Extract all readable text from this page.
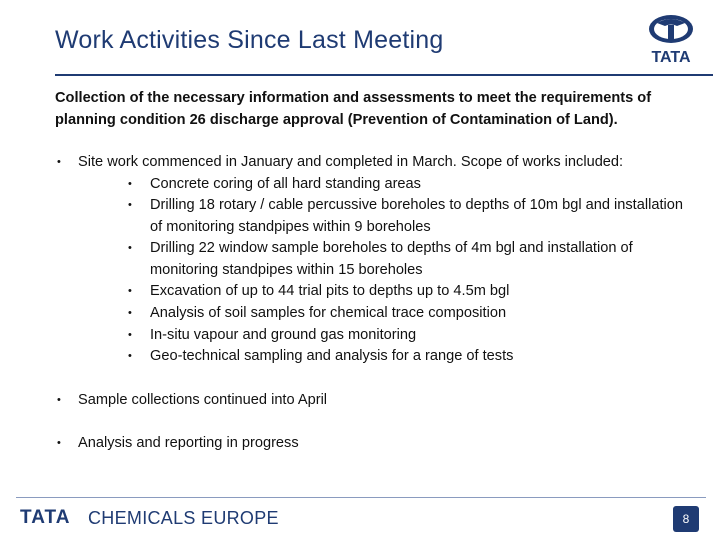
Work Activities Since Last Meeting
TATA
Collection of the necessary information and assessments to meet the requirements of planning condition 26 discharge approval (Prevention of Contamination of Land).
• Site work commenced in January and completed in March. Scope of works included:
• Concrete coring of all hard standing areas
• Drilling 18 rotary / cable percussive boreholes to depths of 10m bgl and installation of monitoring standpipes within 9 boreholes
• Drilling 22 window sample boreholes to depths of 4m bgl and installation of monitoring standpipes within 15 boreholes
• Excavation of up to 44 trial pits to depths up to 4.5m bgl
• Analysis of soil samples for chemical trace composition
• In-situ vapour and ground gas monitoring
• Geo-technical sampling and analysis for a range of tests
• Sample collections continued into April
• Analysis and reporting in progress
TATA CHEMICALS EUROPE	8
